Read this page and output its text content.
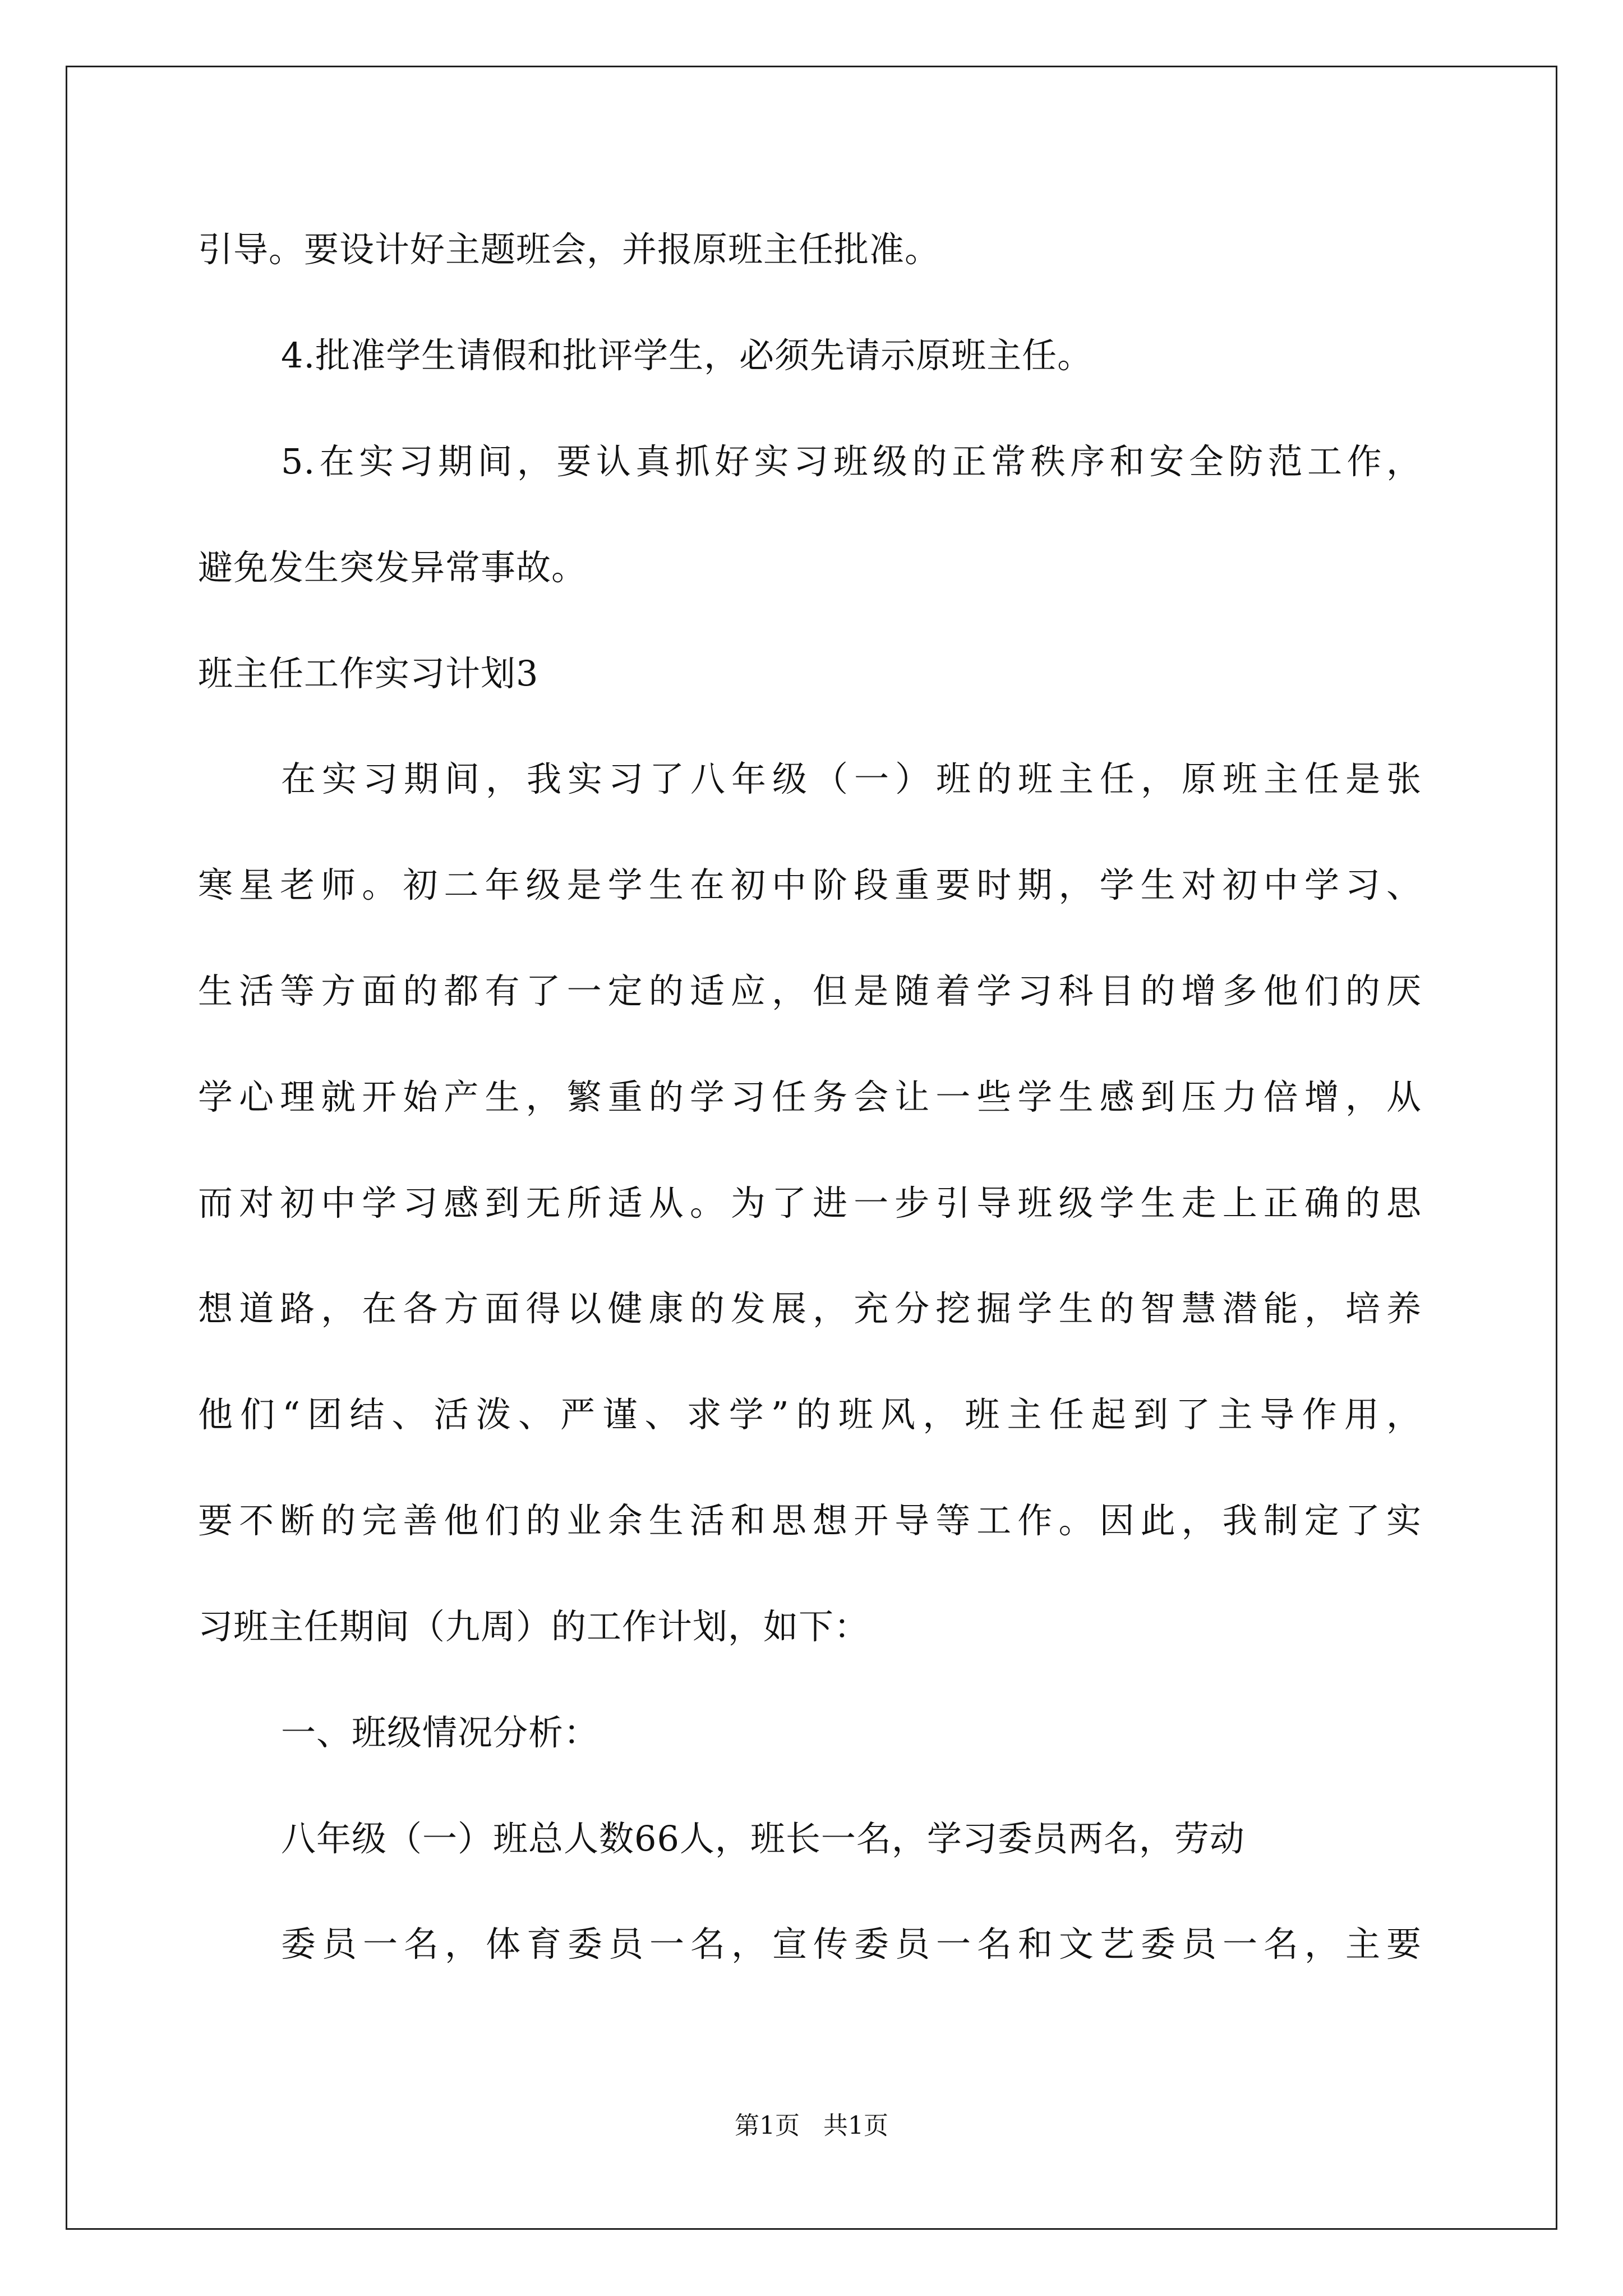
引导。要设计好主题班会，并报原班主任批准。
4.批准学生请假和批评学生，必须先请示原班主任。
5.在实习期间，要认真抓好实习班级的正常秩序和安全防范工作，
避免发生突发异常事故。
班主任工作实习计划3
在实习期间，我实习了八年级（一）班的班主任，原班主任是张
寒星老师。初二年级是学生在初中阶段重要时期，学生对初中学习、
生活等方面的都有了一定的适应，但是随着学习科目的增多他们的厌
学心理就开始产生，繁重的学习任务会让一些学生感到压力倍增，从
而对初中学习感到无所适从。为了进一步引导班级学生走上正确的思
想道路，在各方面得以健康的发展，充分挖掘学生的智慧潜能，培养
他们“团结、活泼、严谨、求学”的班风，班主任起到了主导作用，
要不断的完善他们的业余生活和思想开导等工作。因此，我制定了实
习班主任期间（九周）的工作计划，如下：
一、班级情况分析：
八年级（一）班总人数66人，班长一名，学习委员两名，劳动
委员一名，体育委员一名，宣传委员一名和文艺委员一名，主要
第1页   共1页
